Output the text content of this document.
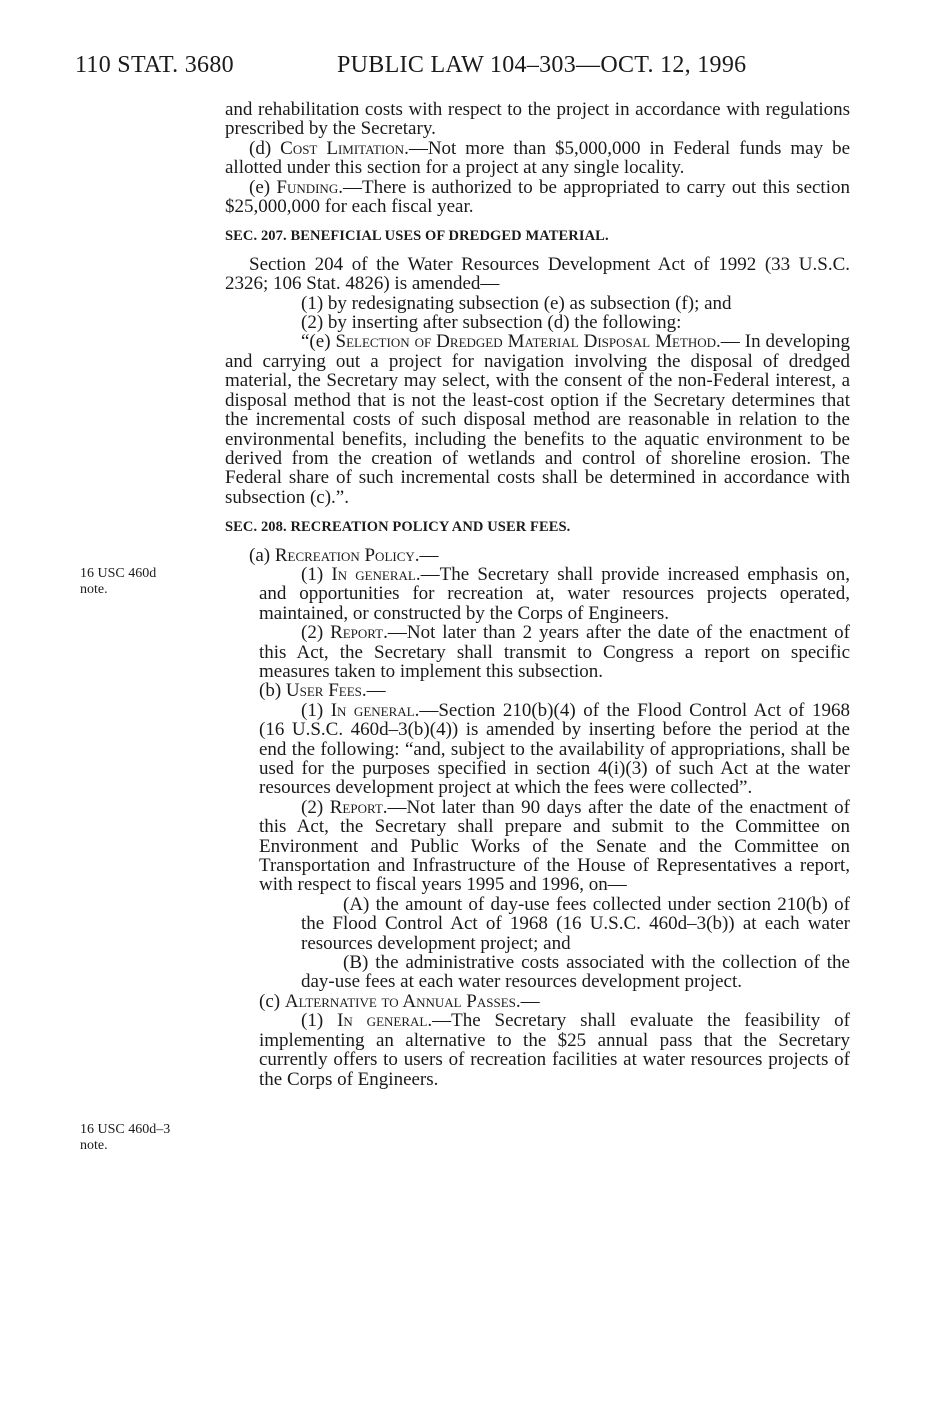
110 STAT. 3680	PUBLIC LAW 104–303—OCT. 12, 1996
16 USC 460d
note.
16 USC 460d–3
note.

and rehabilitation costs with respect to the project in accordance with regulations prescribed by the Secretary.

(d) Cost Limitation.—Not more than $5,000,000 in Federal funds may be allotted under this section for a project at any single locality.

(e) Funding.—There is authorized to be appropriated to carry out this section $25,000,000 for each fiscal year.

SEC. 207. BENEFICIAL USES OF DREDGED MATERIAL.

Section 204 of the Water Resources Development Act of 1992 (33 U.S.C. 2326; 106 Stat. 4826) is amended—

(1) by redesignating subsection (e) as subsection (f); and

(2) by inserting after subsection (d) the following:

“(e) Selection of Dredged Material Disposal Method.— In developing and carrying out a project for navigation involving the disposal of dredged material, the Secretary may select, with the consent of the non-Federal interest, a disposal method that is not the least-cost option if the Secretary determines that the incremental costs of such disposal method are reasonable in relation to the environmental benefits, including the benefits to the aquatic environment to be derived from the creation of wetlands and control of shoreline erosion. The Federal share of such incremental costs shall be determined in accordance with subsection (c).”.

SEC. 208. RECREATION POLICY AND USER FEES.

(a) Recreation Policy.—

(1) In general.—The Secretary shall provide increased emphasis on, and opportunities for recreation at, water resources projects operated, maintained, or constructed by the Corps of Engineers.

(2) Report.—Not later than 2 years after the date of the enactment of this Act, the Secretary shall transmit to Congress a report on specific measures taken to implement this subsection.

(b) User Fees.—

(1) In general.—Section 210(b)(4) of the Flood Control Act of 1968 (16 U.S.C. 460d–3(b)(4)) is amended by inserting before the period at the end the following: “and, subject to the availability of appropriations, shall be used for the purposes specified in section 4(i)(3) of such Act at the water resources development project at which the fees were collected”.

(2) Report.—Not later than 90 days after the date of the enactment of this Act, the Secretary shall prepare and submit to the Committee on Environment and Public Works of the Senate and the Committee on Transportation and Infrastructure of the House of Representatives a report, with respect to fiscal years 1995 and 1996, on—

(A) the amount of day-use fees collected under section 210(b) of the Flood Control Act of 1968 (16 U.S.C. 460d–3(b)) at each water resources development project; and

(B) the administrative costs associated with the collection of the day-use fees at each water resources development project.

(c) Alternative to Annual Passes.—

(1) In general.—The Secretary shall evaluate the feasibility of implementing an alternative to the $25 annual pass that the Secretary currently offers to users of recreation facilities at water resources projects of the Corps of Engineers.
